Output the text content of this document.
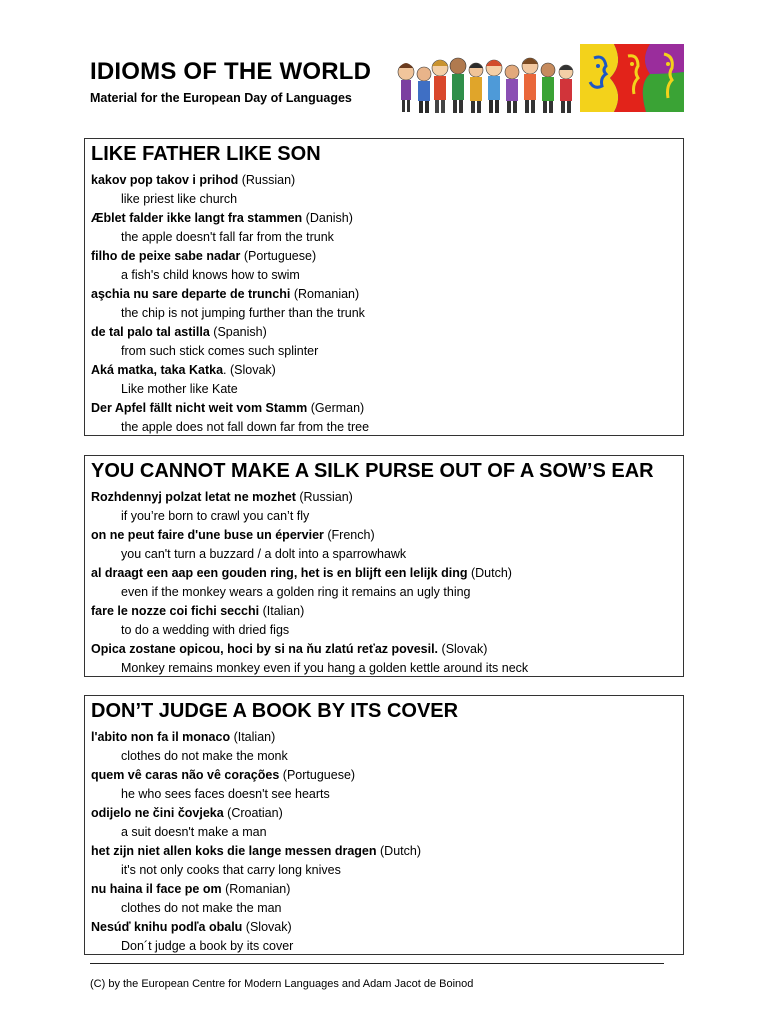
IDIOMS OF THE WORLD

Material for the European Day of Languages

LIKE FATHER LIKE SON
kakov pop takov i prihod (Russian)
like priest like church
Æblet falder ikke langt fra stammen (Danish)
the apple doesn't fall far from the trunk
filho de peixe sabe nadar (Portuguese)
a fish's child knows how to swim
aşchia nu sare departe de trunchi (Romanian)
the chip is not jumping further than the trunk
de tal palo tal astilla (Spanish)
from such stick comes such splinter
Aká matka, taka Katka. (Slovak)
Like mother like Kate
Der Apfel fällt nicht weit vom Stamm (German)
the apple does not fall down far from the tree
YOU CANNOT MAKE A SILK PURSE OUT OF A SOW’S EAR
Rozhdennyj polzat letat ne mozhet (Russian)
if you’re born to crawl you can’t fly
on ne peut faire d'une buse un épervier (French)
you can't turn a buzzard / a dolt into a sparrowhawk
al draagt een aap een gouden ring, het is en blijft een lelijk ding (Dutch)
even if the monkey wears a golden ring it remains an ugly thing
fare le nozze coi fichi secchi (Italian)
to do a wedding with dried figs
Opica zostane opicou, hoci by si na ňu zlatú reťaz povesil. (Slovak)
Monkey remains monkey even if you hang a golden kettle around its neck
DON’T JUDGE A BOOK BY ITS COVER
l'abito non fa il monaco (Italian)
clothes do not make the monk
quem vê caras não vê corações (Portuguese)
he who sees faces doesn't see hearts
odijelo ne čini čovjeka (Croatian)
a suit doesn't make a man
het zijn niet allen koks die lange messen dragen (Dutch)
it's not only cooks that carry long knives
nu haina il face pe om (Romanian)
clothes do not make the man
Nesúď knihu podľa obalu (Slovak)
Don´t judge a book by its cover

(C) by the European Centre for Modern Languages and Adam Jacot de Boinod
